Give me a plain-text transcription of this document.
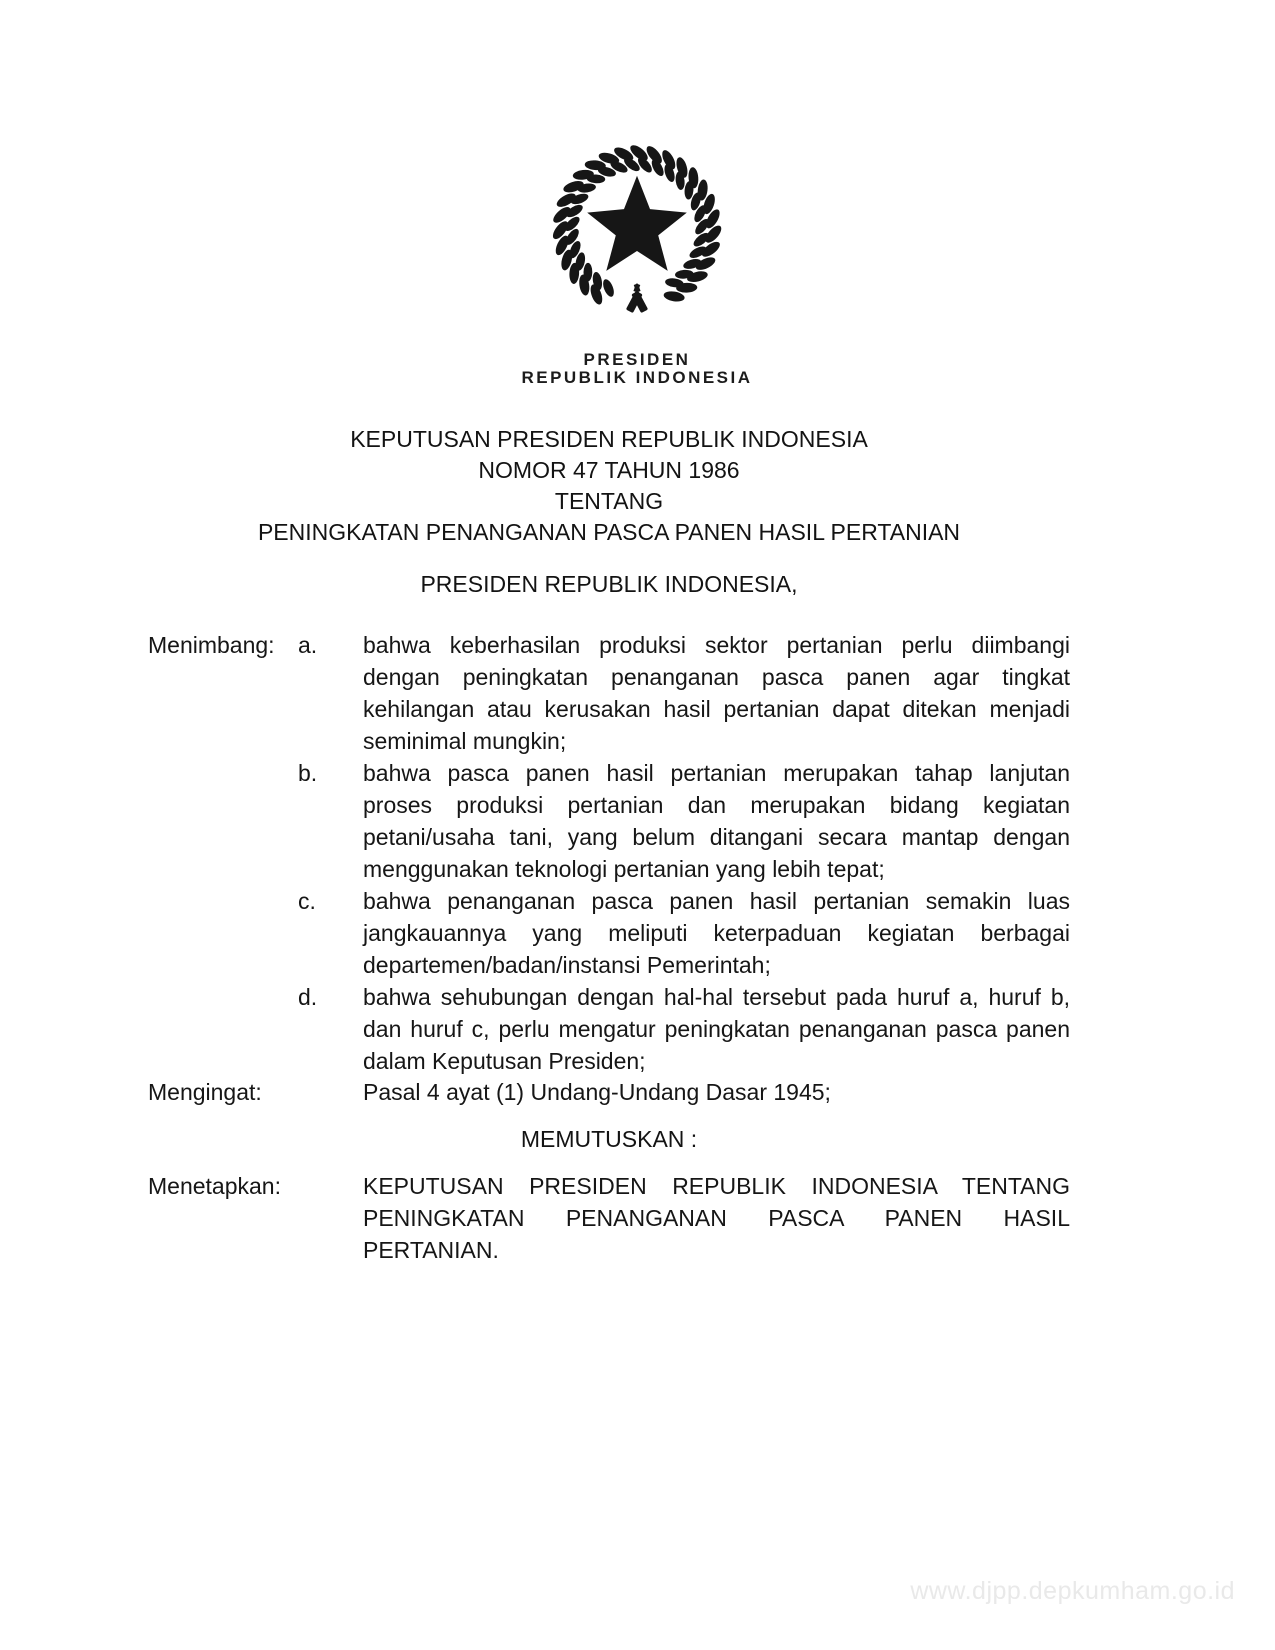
PRESIDEN
REPUBLIK INDONESIA
KEPUTUSAN PRESIDEN REPUBLIK INDONESIA
NOMOR 47 TAHUN 1986
TENTANG
PENINGKATAN PENANGANAN PASCA PANEN HASIL PERTANIAN
PRESIDEN REPUBLIK INDONESIA,
Menimbang:	a.	bahwa keberhasilan produksi sektor pertanian perlu diimbangi dengan peningkatan penanganan pasca panen agar tingkat kehilangan atau kerusakan hasil pertanian dapat ditekan menjadi seminimal mungkin;
b.	bahwa pasca panen hasil pertanian merupakan tahap lanjutan proses produksi pertanian dan merupakan bidang kegiatan petani/usaha tani, yang belum ditangani secara mantap dengan menggunakan teknologi pertanian yang lebih tepat;
c.	bahwa penanganan pasca panen hasil pertanian semakin luas jangkauannya yang meliputi keterpaduan kegiatan berbagai departemen/badan/instansi Pemerintah;
d.	bahwa sehubungan dengan hal-hal tersebut pada huruf a, huruf b, dan huruf c, perlu mengatur peningkatan penanganan pasca panen dalam Keputusan Presiden;
Mengingat:	Pasal 4 ayat (1) Undang-Undang Dasar 1945;
MEMUTUSKAN :
Menetapkan:	KEPUTUSAN PRESIDEN REPUBLIK INDONESIA TENTANG PENINGKATAN PENANGANAN PASCA PANEN HASIL PERTANIAN.
www.djpp.depkumham.go.id
